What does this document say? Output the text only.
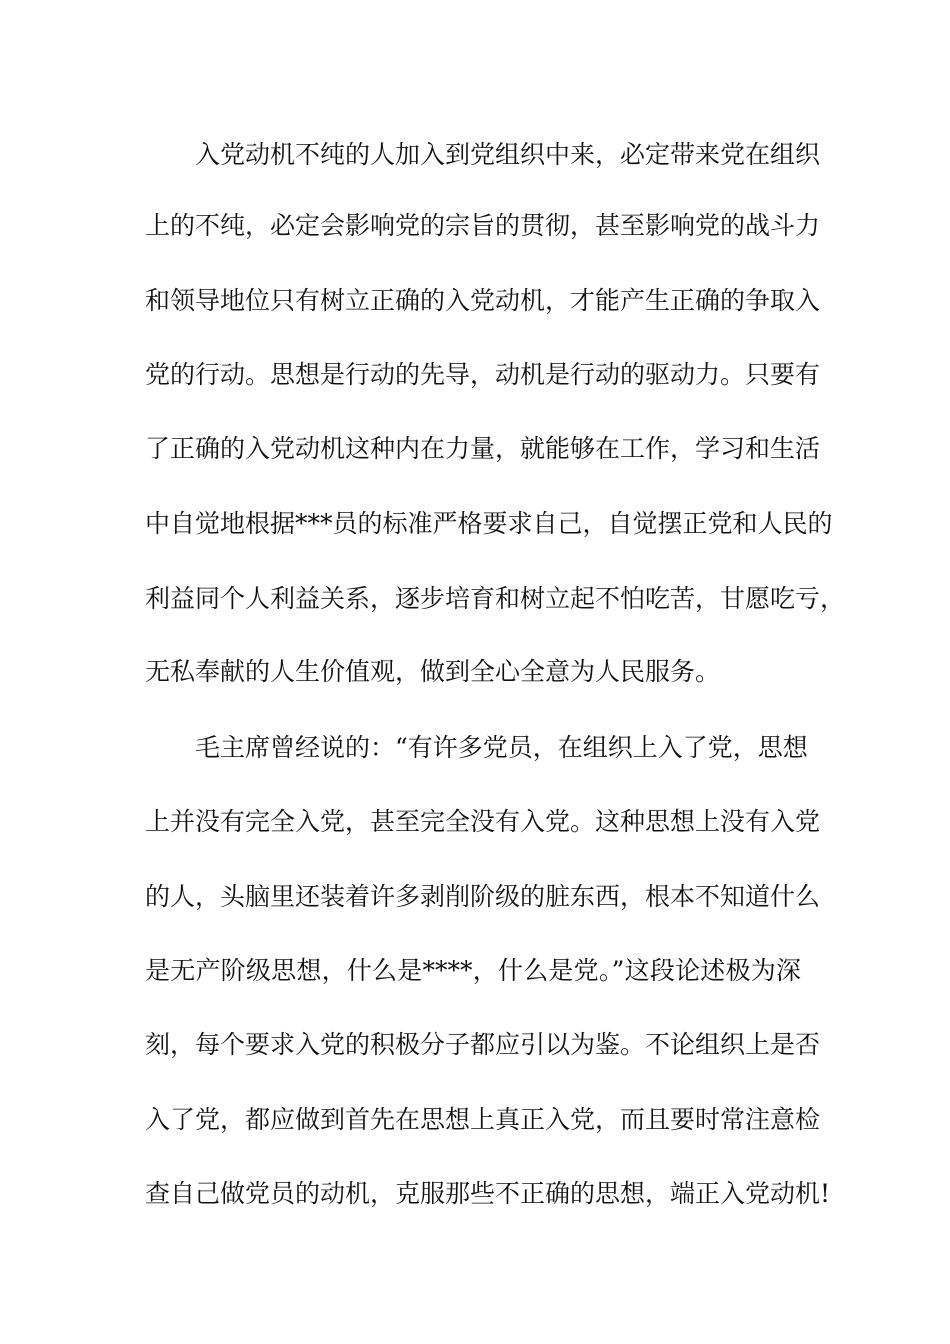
入党动机不纯的人加入到党组织中来，必定带来党在组织
上的不纯，必定会影响党的宗旨的贯彻，甚至影响党的战斗力
和领导地位只有树立正确的入党动机，才能产生正确的争取入
党的行动。思想是行动的先导，动机是行动的驱动力。只要有
了正确的入党动机这种内在力量，就能够在工作，学习和生活
中自觉地根据***员的标准严格要求自己，自觉摆正党和人民的
利益同个人利益关系，逐步培育和树立起不怕吃苦，甘愿吃亏，
无私奉献的人生价值观，做到全心全意为人民服务。
毛主席曾经说的：“有许多党员，在组织上入了党，思想
上并没有完全入党，甚至完全没有入党。这种思想上没有入党
的人，头脑里还装着许多剥削阶级的脏东西，根本不知道什么
是无产阶级思想，什么是****，什么是党。”这段论述极为深
刻，每个要求入党的积极分子都应引以为鉴。不论组织上是否
入了党，都应做到首先在思想上真正入党，而且要时常注意检
查自己做党员的动机，克服那些不正确的思想，端正入党动机!
